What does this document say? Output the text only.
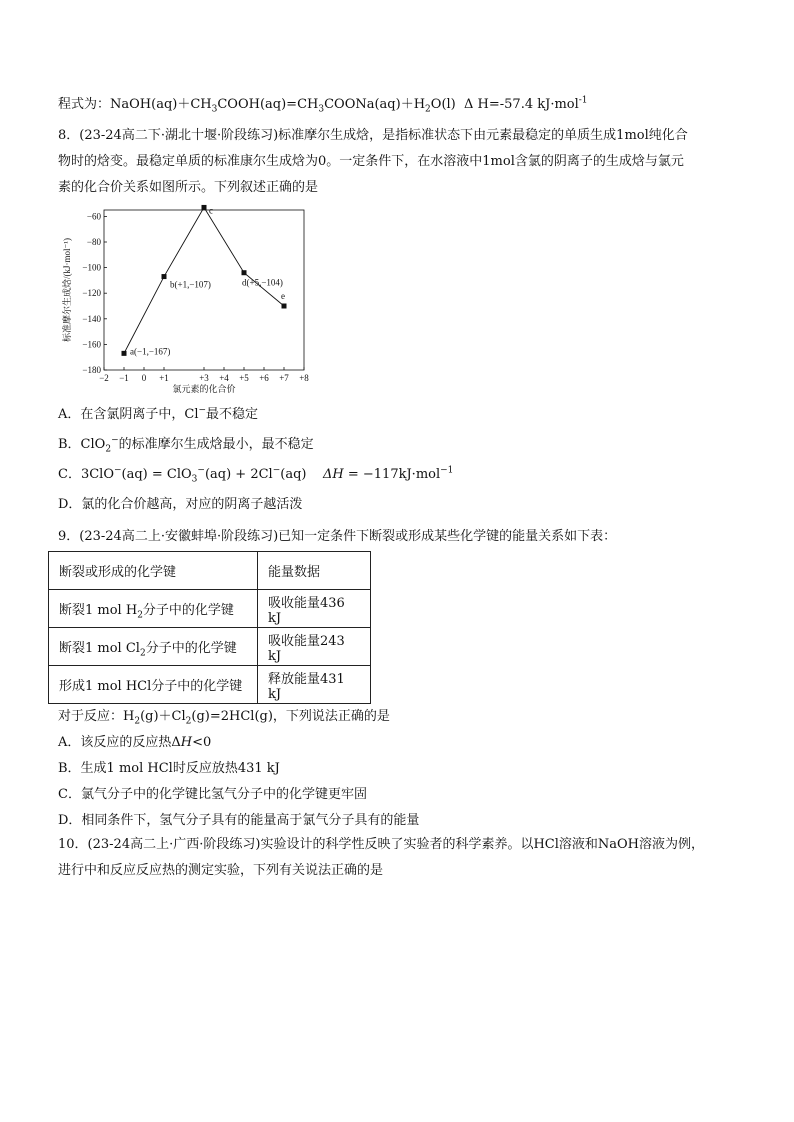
程式为：$NaOH(aq)+CH_3COOH(aq)=CH_3COONa(aq)+H_2O(l)$  Δ H=-57.4 kJ·mol$^{-1}$
8．(23-24高二下·湖北十堰·阶段练习)标准摩尔生成焓，是指标准状态下由元素最稳定的单质生成1mol纯化合
物时的焓变。最稳定单质的标准康尔生成焓为0。一定条件下，在水溶液中1mol含氯的阴离子的生成焓与氯元
素的化合价关系如图所示。下列叙述正确的是
标准摩尔生成焓/(kJ·mol⁻¹)
氯元素的化合价
−2 −1 0 +1	+3 +4 +5 +6 +7 +8
−180
−160
−140
−120
−100
−80
−60
a(−1,−167)
b(+1,−107)
c
d(+5,−104)
e
A．在含氯阴离子中，Cl−最不稳定
B．ClO$_2$−的标准摩尔生成焓最小，最不稳定
C．3ClO−(aq) = ClO$_3$−(aq) + 2Cl−(aq)    ΔH = −117kJ·mol$^{-1}$
D．氯的化合价越高，对应的阴离子越活泼
9．(23-24高二上·安徽蚌埠·阶段练习)已知一定条件下断裂或形成某些化学键的能量关系如下表：
断裂或形成的化学键	能量数据
断裂1 mol $H_2$分子中的化学键	吸收能量436 kJ
断裂1 mol $Cl_2$分子中的化学键	吸收能量243 kJ
形成1 mol HCl分子中的化学键	释放能量431 kJ
对于反应：$H_2(g)+Cl_2(g)=2HCl(g)$，下列说法正确的是
A．该反应的反应热ΔH<0
B．生成1 mol HCl时反应放热431 kJ
C．氯气分子中的化学键比氢气分子中的化学键更牢固
D．相同条件下，氢气分子具有的能量高于氯气分子具有的能量
10．(23-24高二上·广西·阶段练习)实验设计的科学性反映了实验者的科学素养。以HCl溶液和NaOH溶液为例，
进行中和反应反应热的测定实验，下列有关说法正确的是
